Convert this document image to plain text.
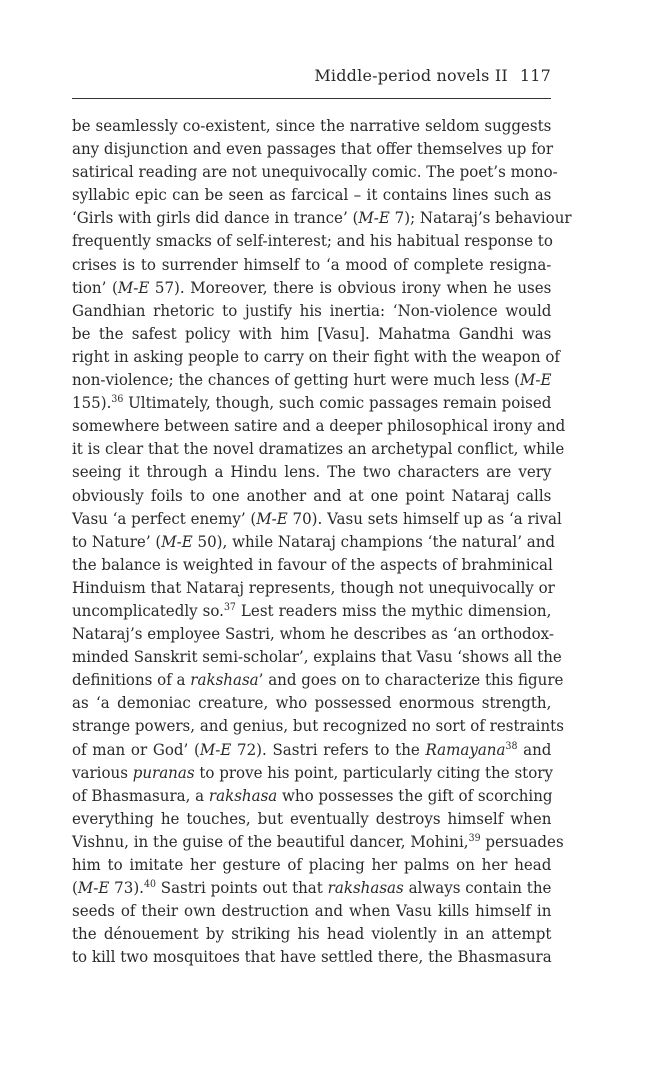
Middle-period novels II 117
be seamlessly co-existent, since the narrative seldom suggests
any disjunction and even passages that offer themselves up for
satirical reading are not unequivocally comic. The poet’s mono-
syllabic epic can be seen as farcical – it contains lines such as
‘Girls with girls did dance in trance’ (M-E 7); Nataraj’s behaviour
frequently smacks of self-interest; and his habitual response to
crises is to surrender himself to ‘a mood of complete resigna-
tion’ (M-E 57). Moreover, there is obvious irony when he uses
Gandhian rhetoric to justify his inertia: ‘Non-violence would
be the safest policy with him [Vasu]. Mahatma Gandhi was
right in asking people to carry on their fight with the weapon of
non-violence; the chances of getting hurt were much less (M-E
155).$^{36}$ Ultimately, though, such comic passages remain poised
somewhere between satire and a deeper philosophical irony and
it is clear that the novel dramatizes an archetypal conflict, while
seeing it through a Hindu lens. The two characters are very
obviously foils to one another and at one point Nataraj calls
Vasu ‘a perfect enemy’ (M-E 70). Vasu sets himself up as ‘a rival
to Nature’ (M-E 50), while Nataraj champions ‘the natural’ and
the balance is weighted in favour of the aspects of brahminical
Hinduism that Nataraj represents, though not unequivocally or
uncomplicatedly so.$^{37}$ Lest readers miss the mythic dimension,
Nataraj’s employee Sastri, whom he describes as ‘an orthodox-
minded Sanskrit semi-scholar’, explains that Vasu ‘shows all the
definitions of a rakshasa’ and goes on to characterize this figure
as ‘a demoniac creature, who possessed enormous strength,
strange powers, and genius, but recognized no sort of restraints
of man or God’ (M-E 72). Sastri refers to the Ramayana$^{38}$ and
various puranas to prove his point, particularly citing the story
of Bhasmasura, a rakshasa who possesses the gift of scorching
everything he touches, but eventually destroys himself when
Vishnu, in the guise of the beautiful dancer, Mohini,$^{39}$ persuades
him to imitate her gesture of placing her palms on her head
(M-E 73).$^{40}$ Sastri points out that rakshasas always contain the
seeds of their own destruction and when Vasu kills himself in
the dénouement by striking his head violently in an attempt
to kill two mosquitoes that have settled there, the Bhasmasura
